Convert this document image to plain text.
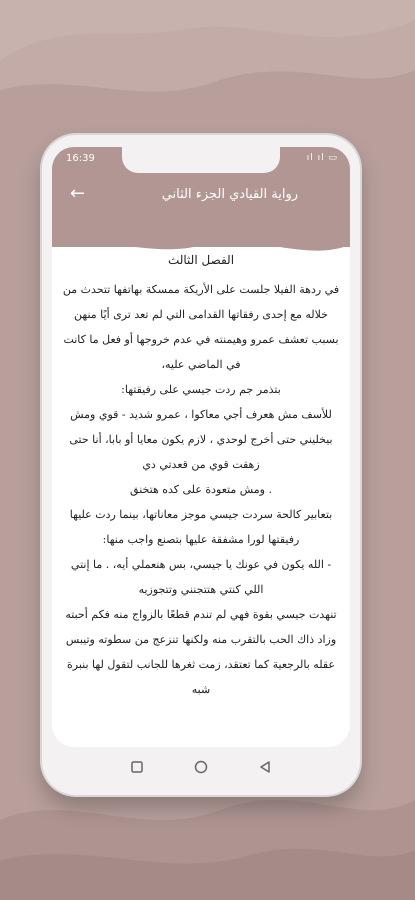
16:39	ıl ıl ▭
←	رواية القيادي الجزء الثاني
الفصل الثالث

في ردهة الفيلا جلست على الأريكة ممسكة بهاتفها تتحدث من خلاله مع إحدى رفقاتها القدامى التي لم تعد ترى أيًا منهن بسبب تعشف عمرو وهيمنته في عدم خروجها أو فعل ما كانت في الماضي عليه،

بتذمر جم ردت جيسي على رفيقتها:

للأسف مش هعرف أجي معاكوا ، عمرو شديد - قوي ومش بيخليني حتى أخرج لوحدي ، لازم يكون معايا أو بابا، أنا حتى زهقت قوي من قعدتي دي

. ومش متعودة على كده هتخنق

بتعابير كالحة سردت جيسي موجز معاناتها، بينما ردت عليها رفيقتها لورا مشفقة عليها بتصنع واجب منها:

- الله يكون في عونك يا جيسي، بس هنعملي أيه، . ما إنتي اللي كنتي هتتجنني وتتجوزيه

تنهدت جيسي بقوة فهي لم تندم قطعًا بالزواج منه فكم أحبته وزاد ذاك الحب بالتقرب منه ولكنها تنزعج من سطوته وتيبس عقله بالرجعية كما تعتقد، زمت ثغرها للجانب لتقول لها بنبرة شبه
